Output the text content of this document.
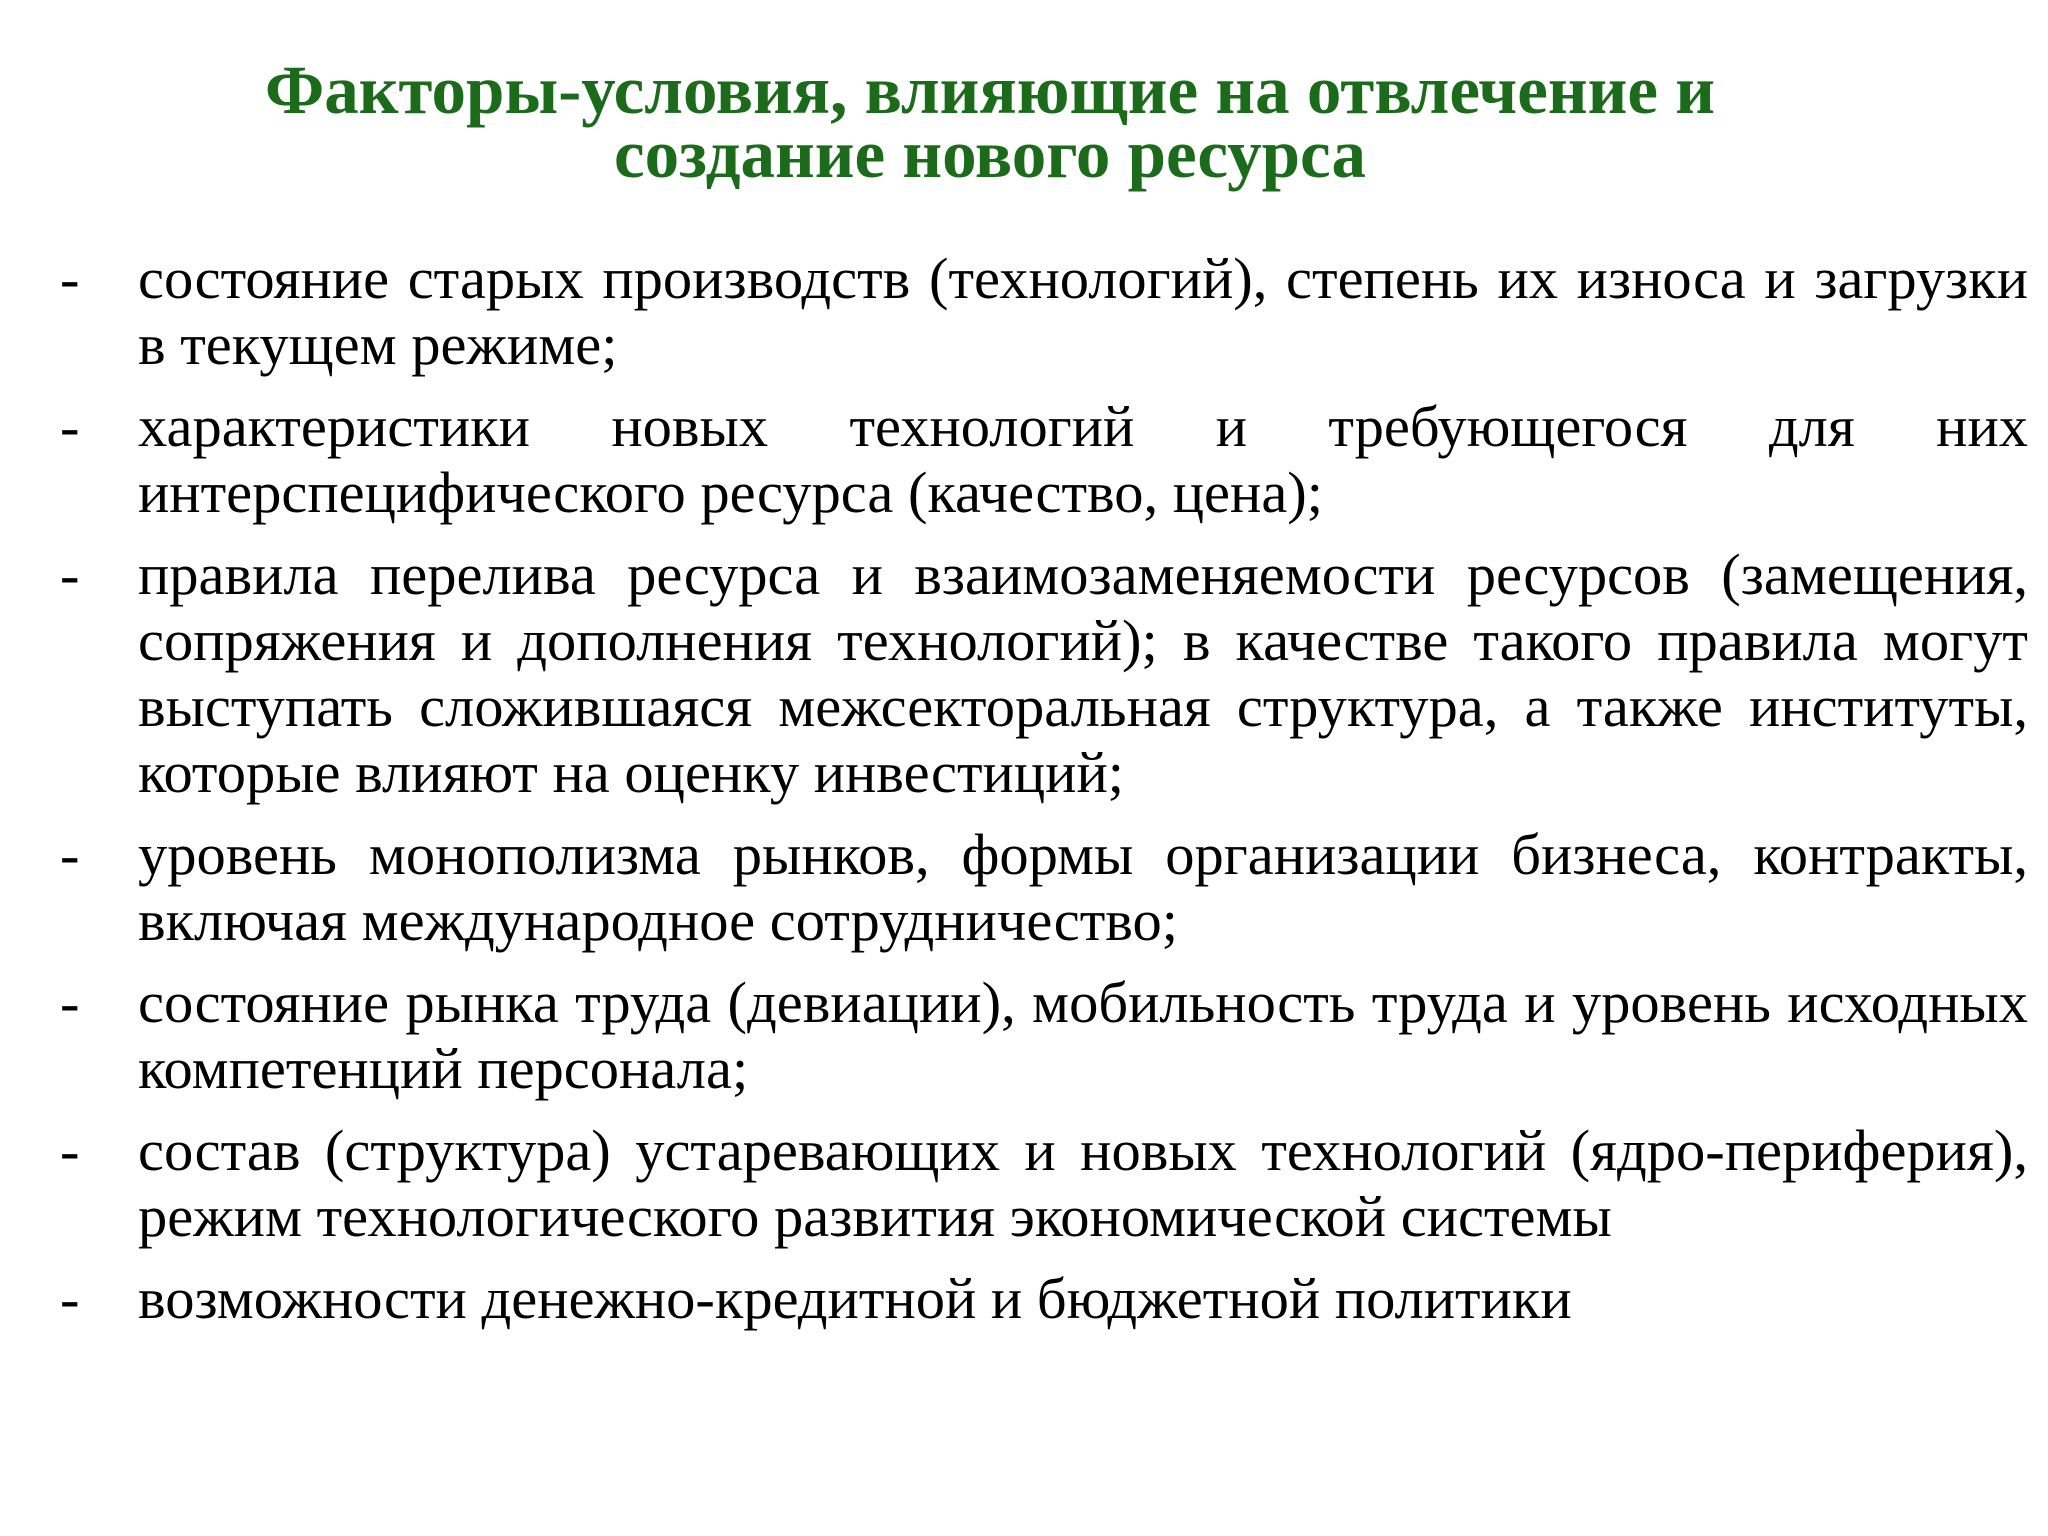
Факторы-условия, влияющие на отвлечение и
создание нового ресурса
- состояние старых производств (технологий), степень их износа и загрузки в текущем режиме;
- характеристики новых технологий и требующегося для них интерспецифического ресурса (качество, цена);
- правила перелива ресурса и взаимозаменяемости ресурсов (замещения, сопряжения и дополнения технологий); в качестве такого правила могут выступать сложившаяся межсекторальная структура, а также институты, которые влияют на оценку инвестиций;
- уровень монополизма рынков, формы организации бизнеса, контракты, включая международное сотрудничество;
- состояние рынка труда (девиации), мобильность труда и уровень исходных компетенций персонала;
- состав (структура) устаревающих и новых технологий (ядро-периферия), режим технологического развития экономической системы
- возможности денежно-кредитной и бюджетной политики
